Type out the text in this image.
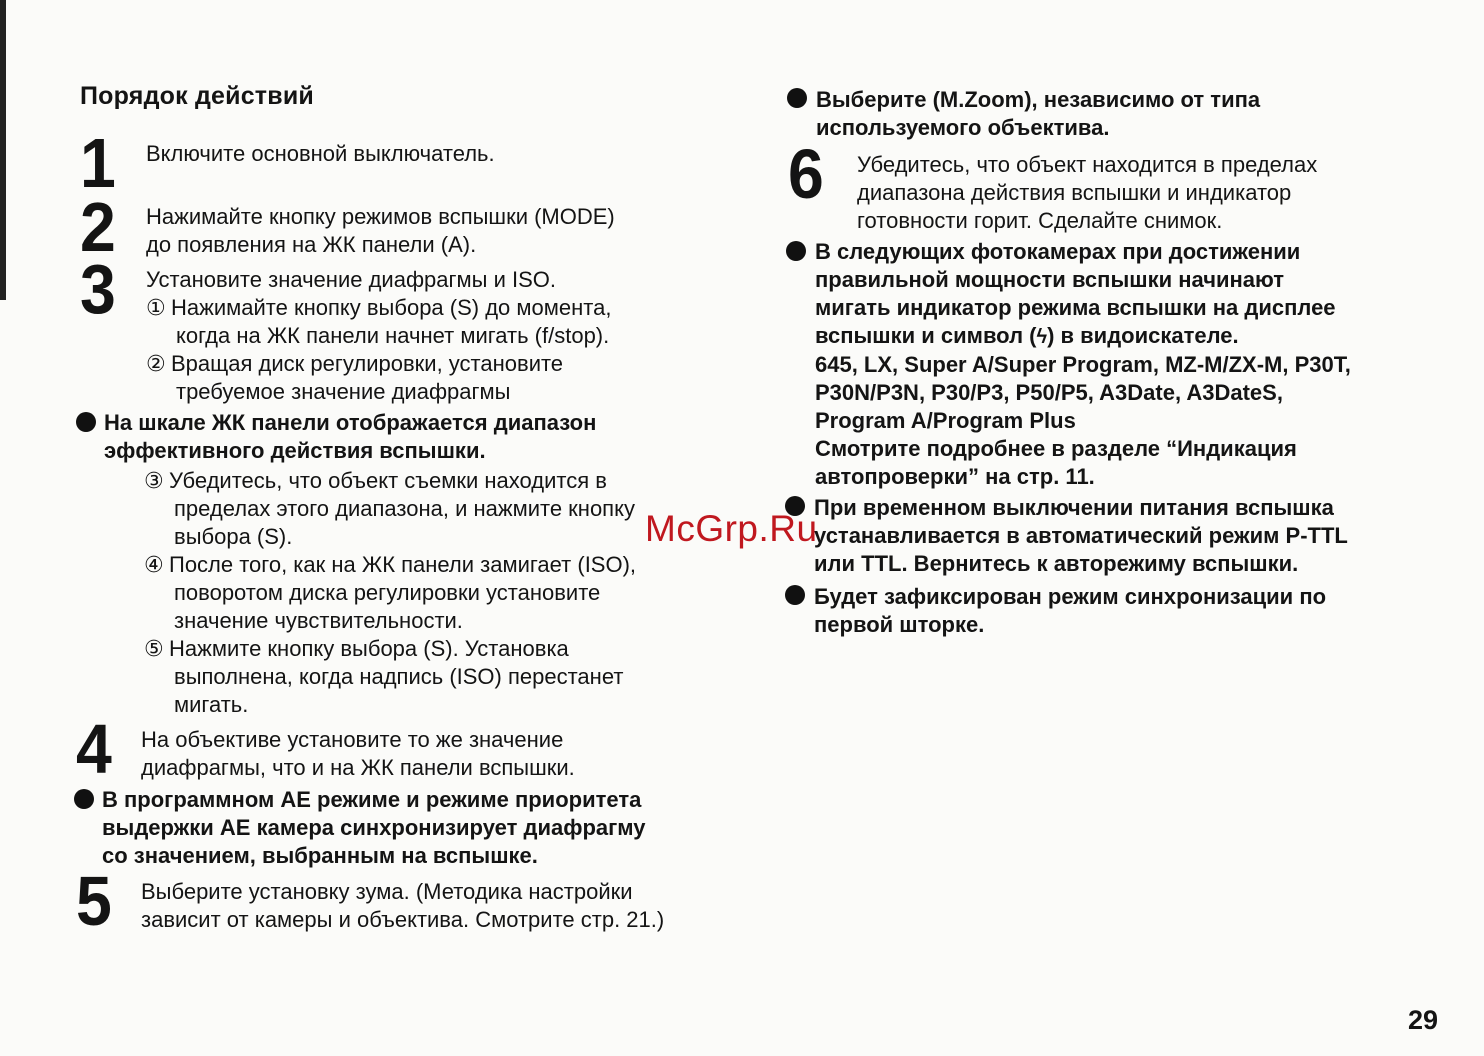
Порядок действий
1 Включите основной выключатель.
2 Нажимайте кнопку режимов вспышки (MODE)
до появления на ЖК панели (A).
3 Установите значение диафрагмы и ISO.
① Нажимайте кнопку выбора (S) до момента,
когда на ЖК панели начнет мигать (f/stop).
② Вращая диск регулировки, установите
требуемое значение диафрагмы
На шкале ЖК панели отображается диапазон
эффективного действия вспышки.
③ Убедитесь, что объект съемки находится в
пределах этого диапазона, и нажмите кнопку
выбора (S).
④ После того, как на ЖК панели замигает (ISO),
поворотом диска регулировки установите
значение чувствительности.
⑤ Нажмите кнопку выбора (S). Установка
выполнена, когда надпись (ISO) перестанет
мигать.
4 На объективе установите то же значение
диафрагмы, что и на ЖК панели вспышки.
В программном АЕ режиме и режиме приоритета
выдержки АЕ камера синхронизирует диафрагму
со значением, выбранным на вспышке.
5 Выберите установку зума. (Методика настройки
зависит от камеры и объектива. Смотрите стр. 21.)
Выберите (M.Zoom), независимо от типа
используемого объектива.
6 Убедитесь, что объект находится в пределах
диапазона действия вспышки и индикатор
готовности горит. Сделайте снимок.
В следующих фотокамерах при достижении
правильной мощности вспышки начинают
мигать индикатор режима вспышки на дисплее
вспышки и символ (ϟ) в видоискателе.
645, LX, Super A/Super Program, MZ-M/ZX-M, P30T,
P30N/P3N, P30/P3, P50/P5, A3Date, A3DateS,
Program A/Program Plus
Смотрите подробнее в разделе “Индикация
автопроверки” на стр. 11.
При временном выключении питания вспышка
устанавливается в автоматический режим P-TTL
или TTL. Вернитесь к авторежиму вспышки.
Будет зафиксирован режим синхронизации по
первой шторке.
McGrp.Ru
29
